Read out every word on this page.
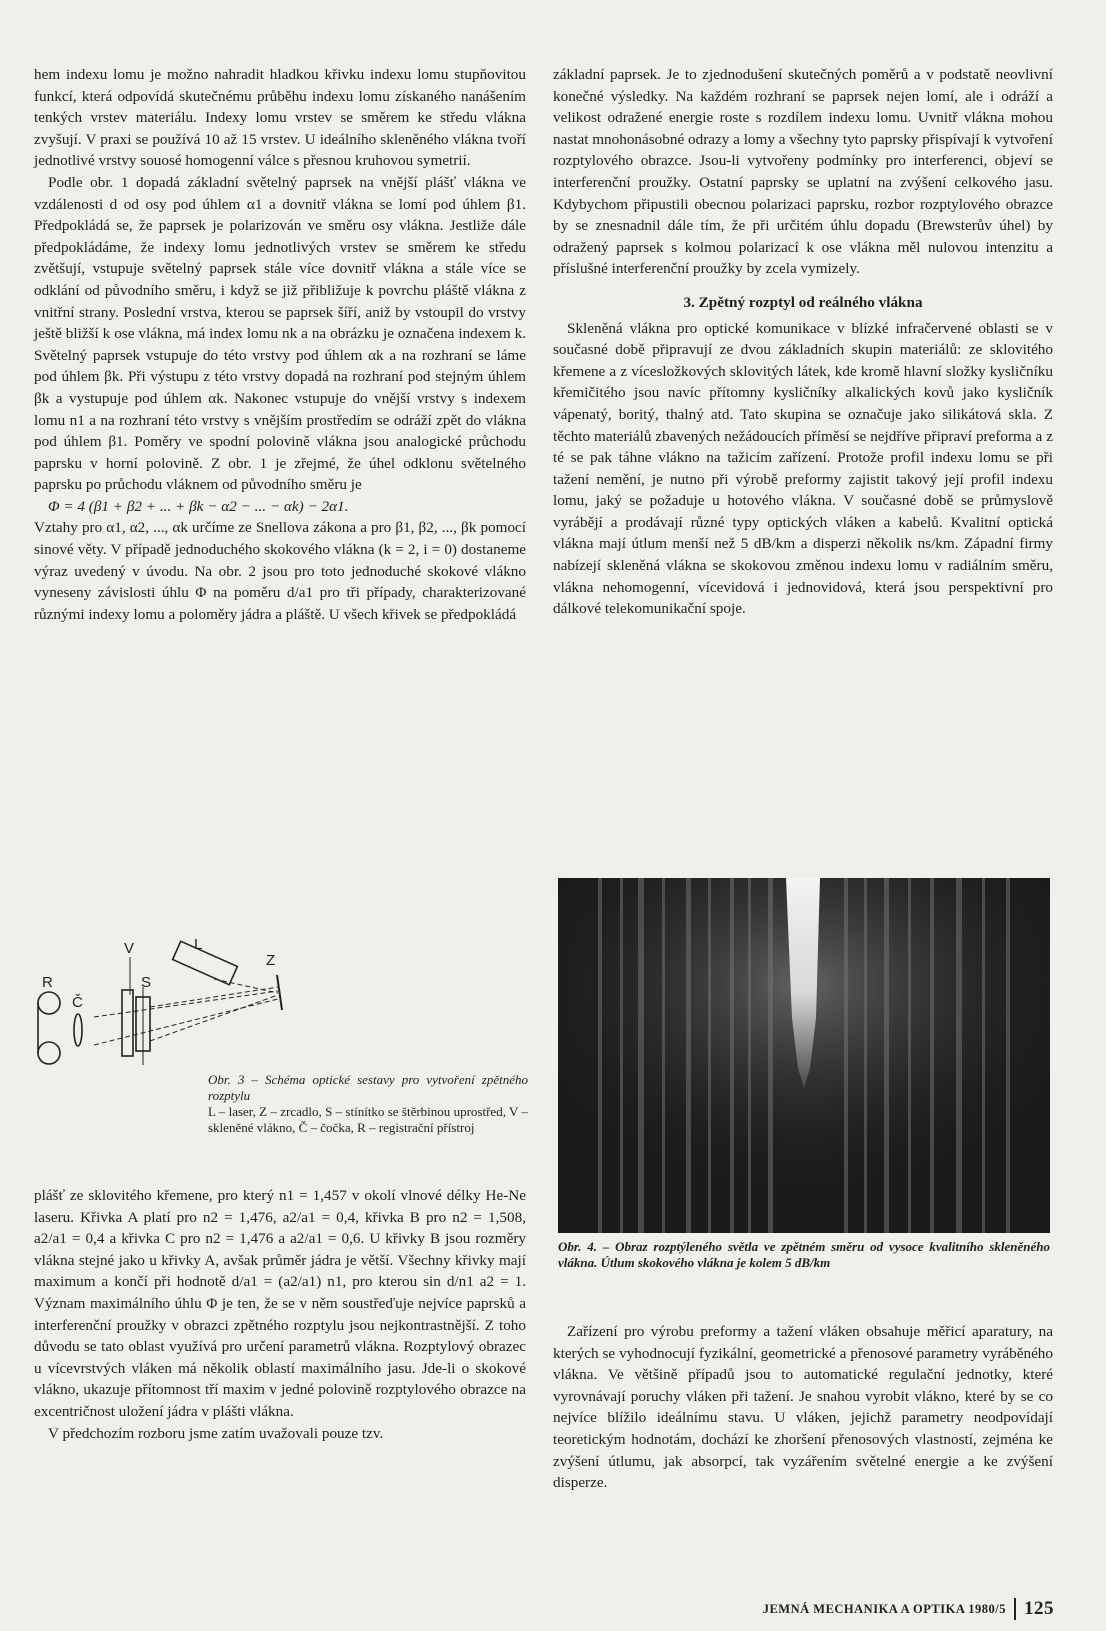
hem indexu lomu je možno nahradit hladkou křivku indexu lomu stupňovitou funkcí, která odpovídá skutečnému průběhu indexu lomu získaného nanášením tenkých vrstev materiálu. Indexy lomu vrstev se směrem ke středu vlákna zvyšují. V praxi se používá 10 až 15 vrstev. U ideálního skleněného vlákna tvoří jednotlivé vrstvy souosé homogenní válce s přesnou kruhovou symetrií.

Podle obr. 1 dopadá základní světelný paprsek na vnější plášť vlákna ve vzdálenosti d od osy pod úhlem α1 a dovnitř vlákna se lomí pod úhlem β1. Předpokládá se, že paprsek je polarizován ve směru osy vlákna. Jestliže dále předpokládáme, že indexy lomu jednotlivých vrstev se směrem ke středu zvětšují, vstupuje světelný paprsek stále více dovnitř vlákna a stále více se odklání od původního směru, i když se již přibližuje k povrchu pláště vlákna z vnitřní strany. Poslední vrstva, kterou se paprsek šíří, aniž by vstoupil do vrstvy ještě bližší k ose vlákna, má index lomu nk a na obrázku je označena indexem k. Světelný paprsek vstupuje do této vrstvy pod úhlem αk a na rozhraní se láme pod úhlem βk. Při výstupu z této vrstvy dopadá na rozhraní pod stejným úhlem βk a vystupuje pod úhlem αk. Nakonec vstupuje do vnější vrstvy s indexem lomu n1 a na rozhraní této vrstvy s vnějším prostředím se odráží zpět do vlákna pod úhlem β1. Poměry ve spodní polovině vlákna jsou analogické průchodu paprsku v horní polovině. Z obr. 1 je zřejmé, že úhel odklonu světelného paprsku po průchodu vláknem od původního směru je

Φ = 4 (β1 + β2 + ... + βk − α2 − ... − αk) − 2α1.

Vztahy pro α1, α2, ..., αk určíme ze Snellova zákona a pro β1, β2, ..., βk pomocí sinové věty. V případě jednoduchého skokového vlákna (k = 2, i = 0) dostaneme výraz uvedený v úvodu. Na obr. 2 jsou pro toto jednoduché skokové vlákno vyneseny závislosti úhlu Φ na poměru d/a1 pro tři případy, charakterizované různými indexy lomu a poloměry jádra a pláště. U všech křivek se předpokládá

L
V
Z
S
R
Č
Obr. 3 – Schéma optické sestavy pro vytvoření zpětného rozptylu
L – laser, Z – zrcadlo, S – stínítko se štěrbinou uprostřed, V – skleněné vlákno, Č – čočka, R – registrační přístroj

plášť ze sklovitého křemene, pro který n1 = 1,457 v okolí vlnové délky He-Ne laseru. Křivka A platí pro n2 = 1,476, a2/a1 = 0,4, křivka B pro n2 = 1,508, a2/a1 = 0,4 a křivka C pro n2 = 1,476 a a2/a1 = 0,6. U křivky B jsou rozměry vlákna stejné jako u křivky A, avšak průměr jádra je větší. Všechny křivky mají maximum a končí při hodnotě d/a1 = (a2/a1) n1, pro kterou sin d/n1 a2 = 1. Význam maximálního úhlu Φ je ten, že se v něm soustřeďuje nejvíce paprsků a interferenční proužky v obrazci zpětného rozptylu jsou nejkontrastnější. Z toho důvodu se tato oblast využívá pro určení parametrů vlákna. Rozptylový obrazec u vícevrstvých vláken má několik oblastí maximálního jasu. Jde-li o skokové vlákno, ukazuje přítomnost tří maxim v jedné polovině rozptylového obrazce na excentričnost uložení jádra v plášti vlákna.

V předchozím rozboru jsme zatím uvažovali pouze tzv.

základní paprsek. Je to zjednodušení skutečných poměrů a v podstatě neovlivní konečné výsledky. Na každém rozhraní se paprsek nejen lomí, ale i odráží a velikost odražené energie roste s rozdílem indexu lomu. Uvnitř vlákna mohou nastat mnohonásobné odrazy a lomy a všechny tyto paprsky přispívají k vytvoření rozptylového obrazce. Jsou-li vytvořeny podmínky pro interferenci, objeví se interferenční proužky. Ostatní paprsky se uplatní na zvýšení celkového jasu. Kdybychom připustili obecnou polarizaci paprsku, rozbor rozptylového obrazce by se znesnadnil dále tím, že při určitém úhlu dopadu (Brewsterův úhel) by odražený paprsek s kolmou polarizací k ose vlákna měl nulovou intenzitu a příslušné interferenční proužky by zcela vymizely.

3. Zpětný rozptyl od reálného vlákna

Skleněná vlákna pro optické komunikace v blízké infračervené oblasti se v současné době připravují ze dvou základních skupin materiálů: ze sklovitého křemene a z vícesložkových sklovitých látek, kde kromě hlavní složky kysličníku křemičitého jsou navíc přítomny kysličníky alkalických kovů jako kysličník vápenatý, boritý, thalný atd. Tato skupina se označuje jako silikátová skla. Z těchto materiálů zbavených nežádoucích příměsí se nejdříve připraví preforma a z té se pak táhne vlákno na tažicím zařízení. Protože profil indexu lomu se při tažení nemění, je nutno při výrobě preformy zajistit takový její profil indexu lomu, jaký se požaduje u hotového vlákna. V současné době se průmyslově vyrábějí a prodávají různé typy optických vláken a kabelů. Kvalitní optická vlákna mají útlum menší než 5 dB/km a disperzi několik ns/km. Západní firmy nabízejí skleněná vlákna se skokovou změnou indexu lomu v radiálním směru, vlákna nehomogenní, vícevidová i jednovidová, která jsou perspektivní pro dálkové telekomunikační spoje.

Obr. 4. – Obraz rozptýleného světla ve zpětném směru od vysoce kvalitního skleněného vlákna. Útlum skokového vlákna je kolem 5 dB/km

Zařízení pro výrobu preformy a tažení vláken obsahuje měřicí aparatury, na kterých se vyhodnocují fyzikální, geometrické a přenosové parametry vyráběného vlákna. Ve většině případů jsou to automatické regulační jednotky, které vyrovnávají poruchy vláken při tažení. Je snahou vyrobit vlákno, které by se co nejvíce blížilo ideálnímu stavu. U vláken, jejichž parametry neodpovídají teoretickým hodnotám, dochází ke zhoršení přenosových vlastností, zejména ke zvýšení útlumu, jak absorpcí, tak vyzářením světelné energie a ke zvýšení disperze.

JEMNÁ MECHANIKA A OPTIKA 1980/5 125
